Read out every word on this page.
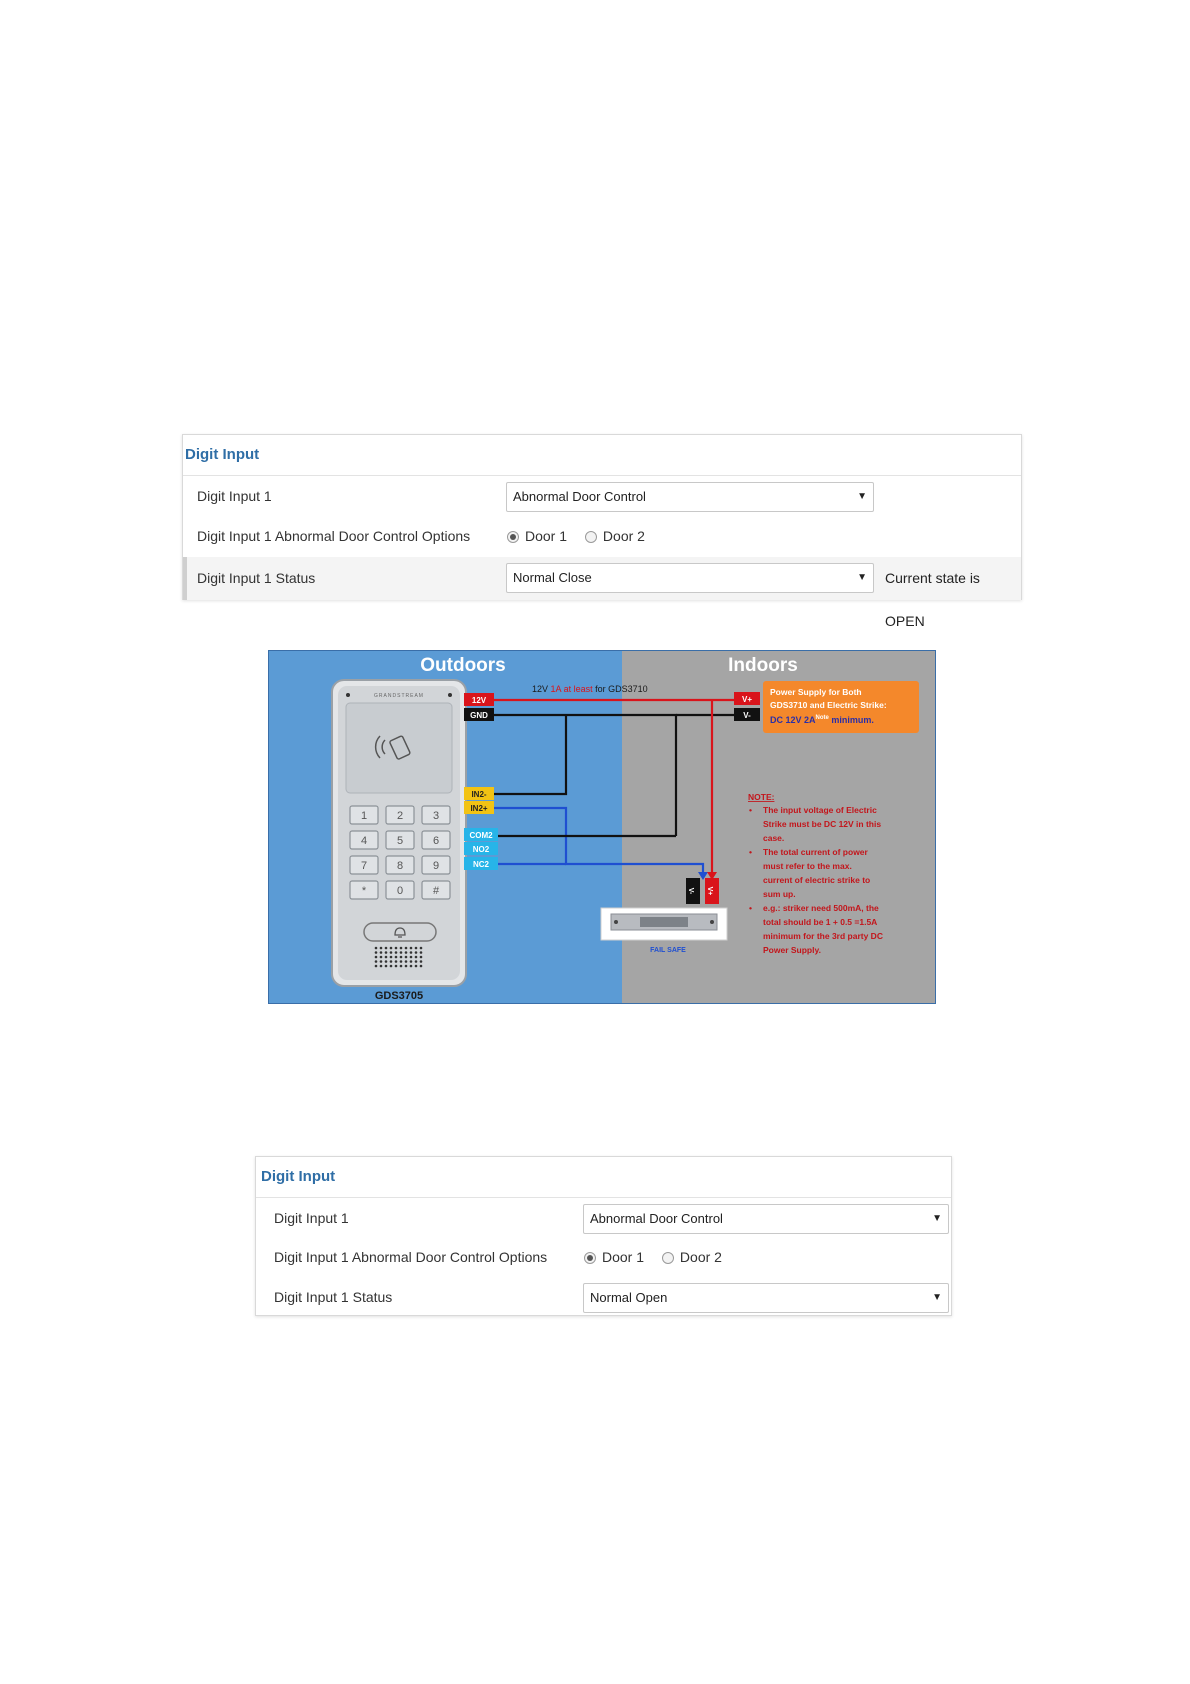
Digit Input
Digit Input 1	Abnormal Door Control	▼
Digit Input 1 Abnormal Door Control Options	Door 1	Door 2
Digit Input 1 Status	Normal Close	▼ Current state is OPEN
Outdoors	Indoors
GRANDSTREAM
1	2	3
4	5	6
7	8	9
*	0	#
GDS3705
12V 1A at least for GDS3710
12V
GND
IN2-
IN2+
COM2
NO2
NC2
V+
V-
Power Supply for Both
GDS3710 and Electric Strike:
DC 12V $2A^{Note}$ minimum.
V- V+
FAIL SAFE
NOTE:
• The input voltage of Electric
Strike must be DC 12V in this
case.
• The total current of power
must refer to the max.
current of electric strike to
sum up.
• e.g.: striker need 500mA, the
total should be 1 + 0.5 =1.5A
minimum for the 3rd party DC
Power Supply.
Digit Input
Digit Input 1	Abnormal Door Control	▼
Digit Input 1 Abnormal Door Control Options	Door 1	Door 2
Digit Input 1 Status	Normal Open	▼
